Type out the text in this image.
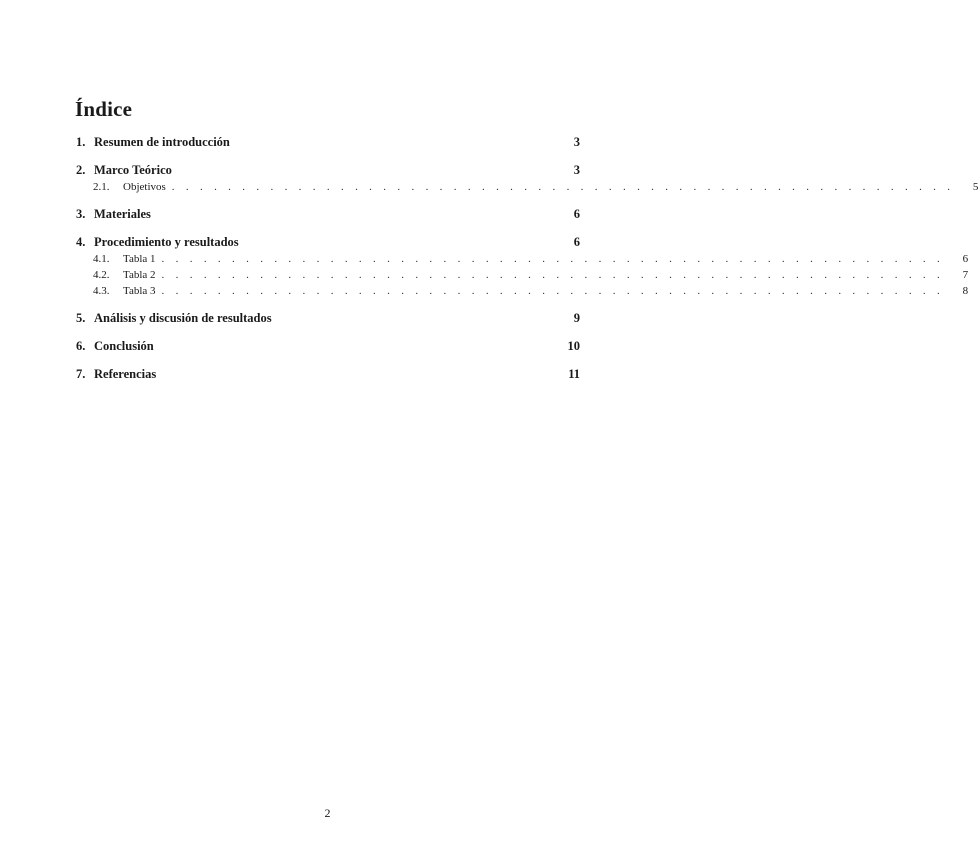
Índice
1. Resumen de introducción	3
2. Marco Teórico	3
2.1.	Objetivos . . . . . . . . . . . . . . . . . . . . . . . . . . . . . . . . . . . . . . . . . . . . . . . . . . . . . . . .	5
3. Materiales	6
4. Procedimiento y resultados	6
4.1.	Tabla 1 . . . . . . . . . . . . . . . . . . . . . . . . . . . . . . . . . . . . . . . . . . . . . . . . . . . . . . . .	6
4.2.	Tabla 2 . . . . . . . . . . . . . . . . . . . . . . . . . . . . . . . . . . . . . . . . . . . . . . . . . . . . . . . .	7
4.3.	Tabla 3 . . . . . . . . . . . . . . . . . . . . . . . . . . . . . . . . . . . . . . . . . . . . . . . . . . . . . . . .	8
5. Análisis y discusión de resultados	9
6. Conclusión	10
7. Referencias	11
2
